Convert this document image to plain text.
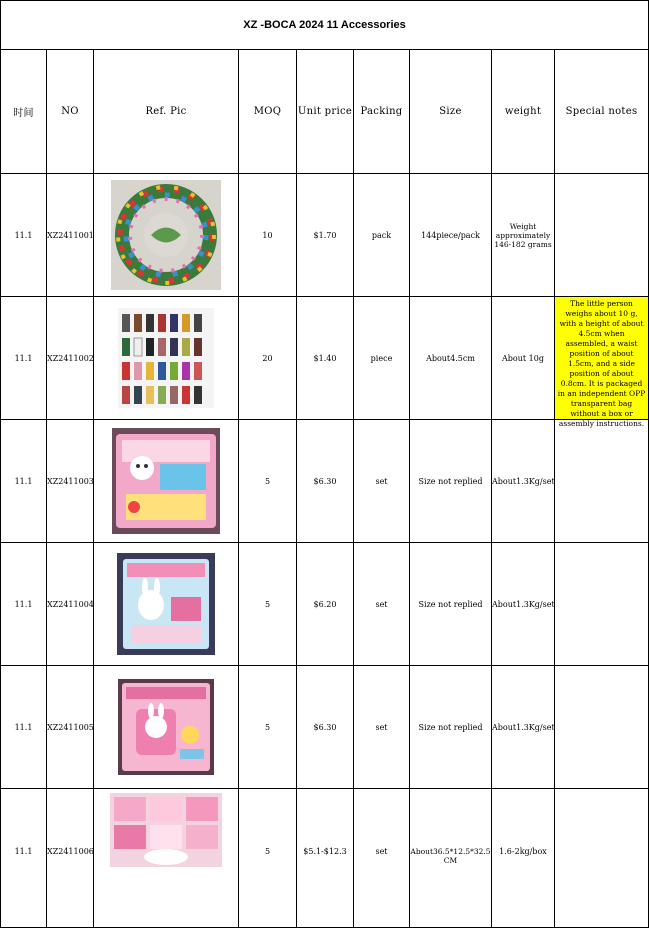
XZ -BOCA 2024 11 Accessories								
时间	NO	Ref. Pic	MOQ	Unit price	Packing	Size	weight	Special notes
11.1	XZ2411001		10	$1.70	pack	144piece/pack	Weight approximately 146-182 grams	
11.1	XZ2411002		20	$1.40	piece	About4.5cm	About 10g	The little person weighs about 10 g, with a height of about 4.5cm when assembled, a waist position of about 1.5cm, and a side position of about 0.8cm. It is packaged in an independent OPP transparent bag without a box or assembly instructions.

11.1	XZ2411003		5	$6.30	set	Size not replied	About1.3Kg/set	
11.1	XZ2411004		5	$6.20	set	Size not replied	About1.3Kg/set	
11.1	XZ2411005		5	$6.30	set	Size not replied	About1.3Kg/set	
11.1	XZ2411006		5	$5.1-$12.3	set	About36.5*12.5*32.5 CM	1.6-2kg/box	
